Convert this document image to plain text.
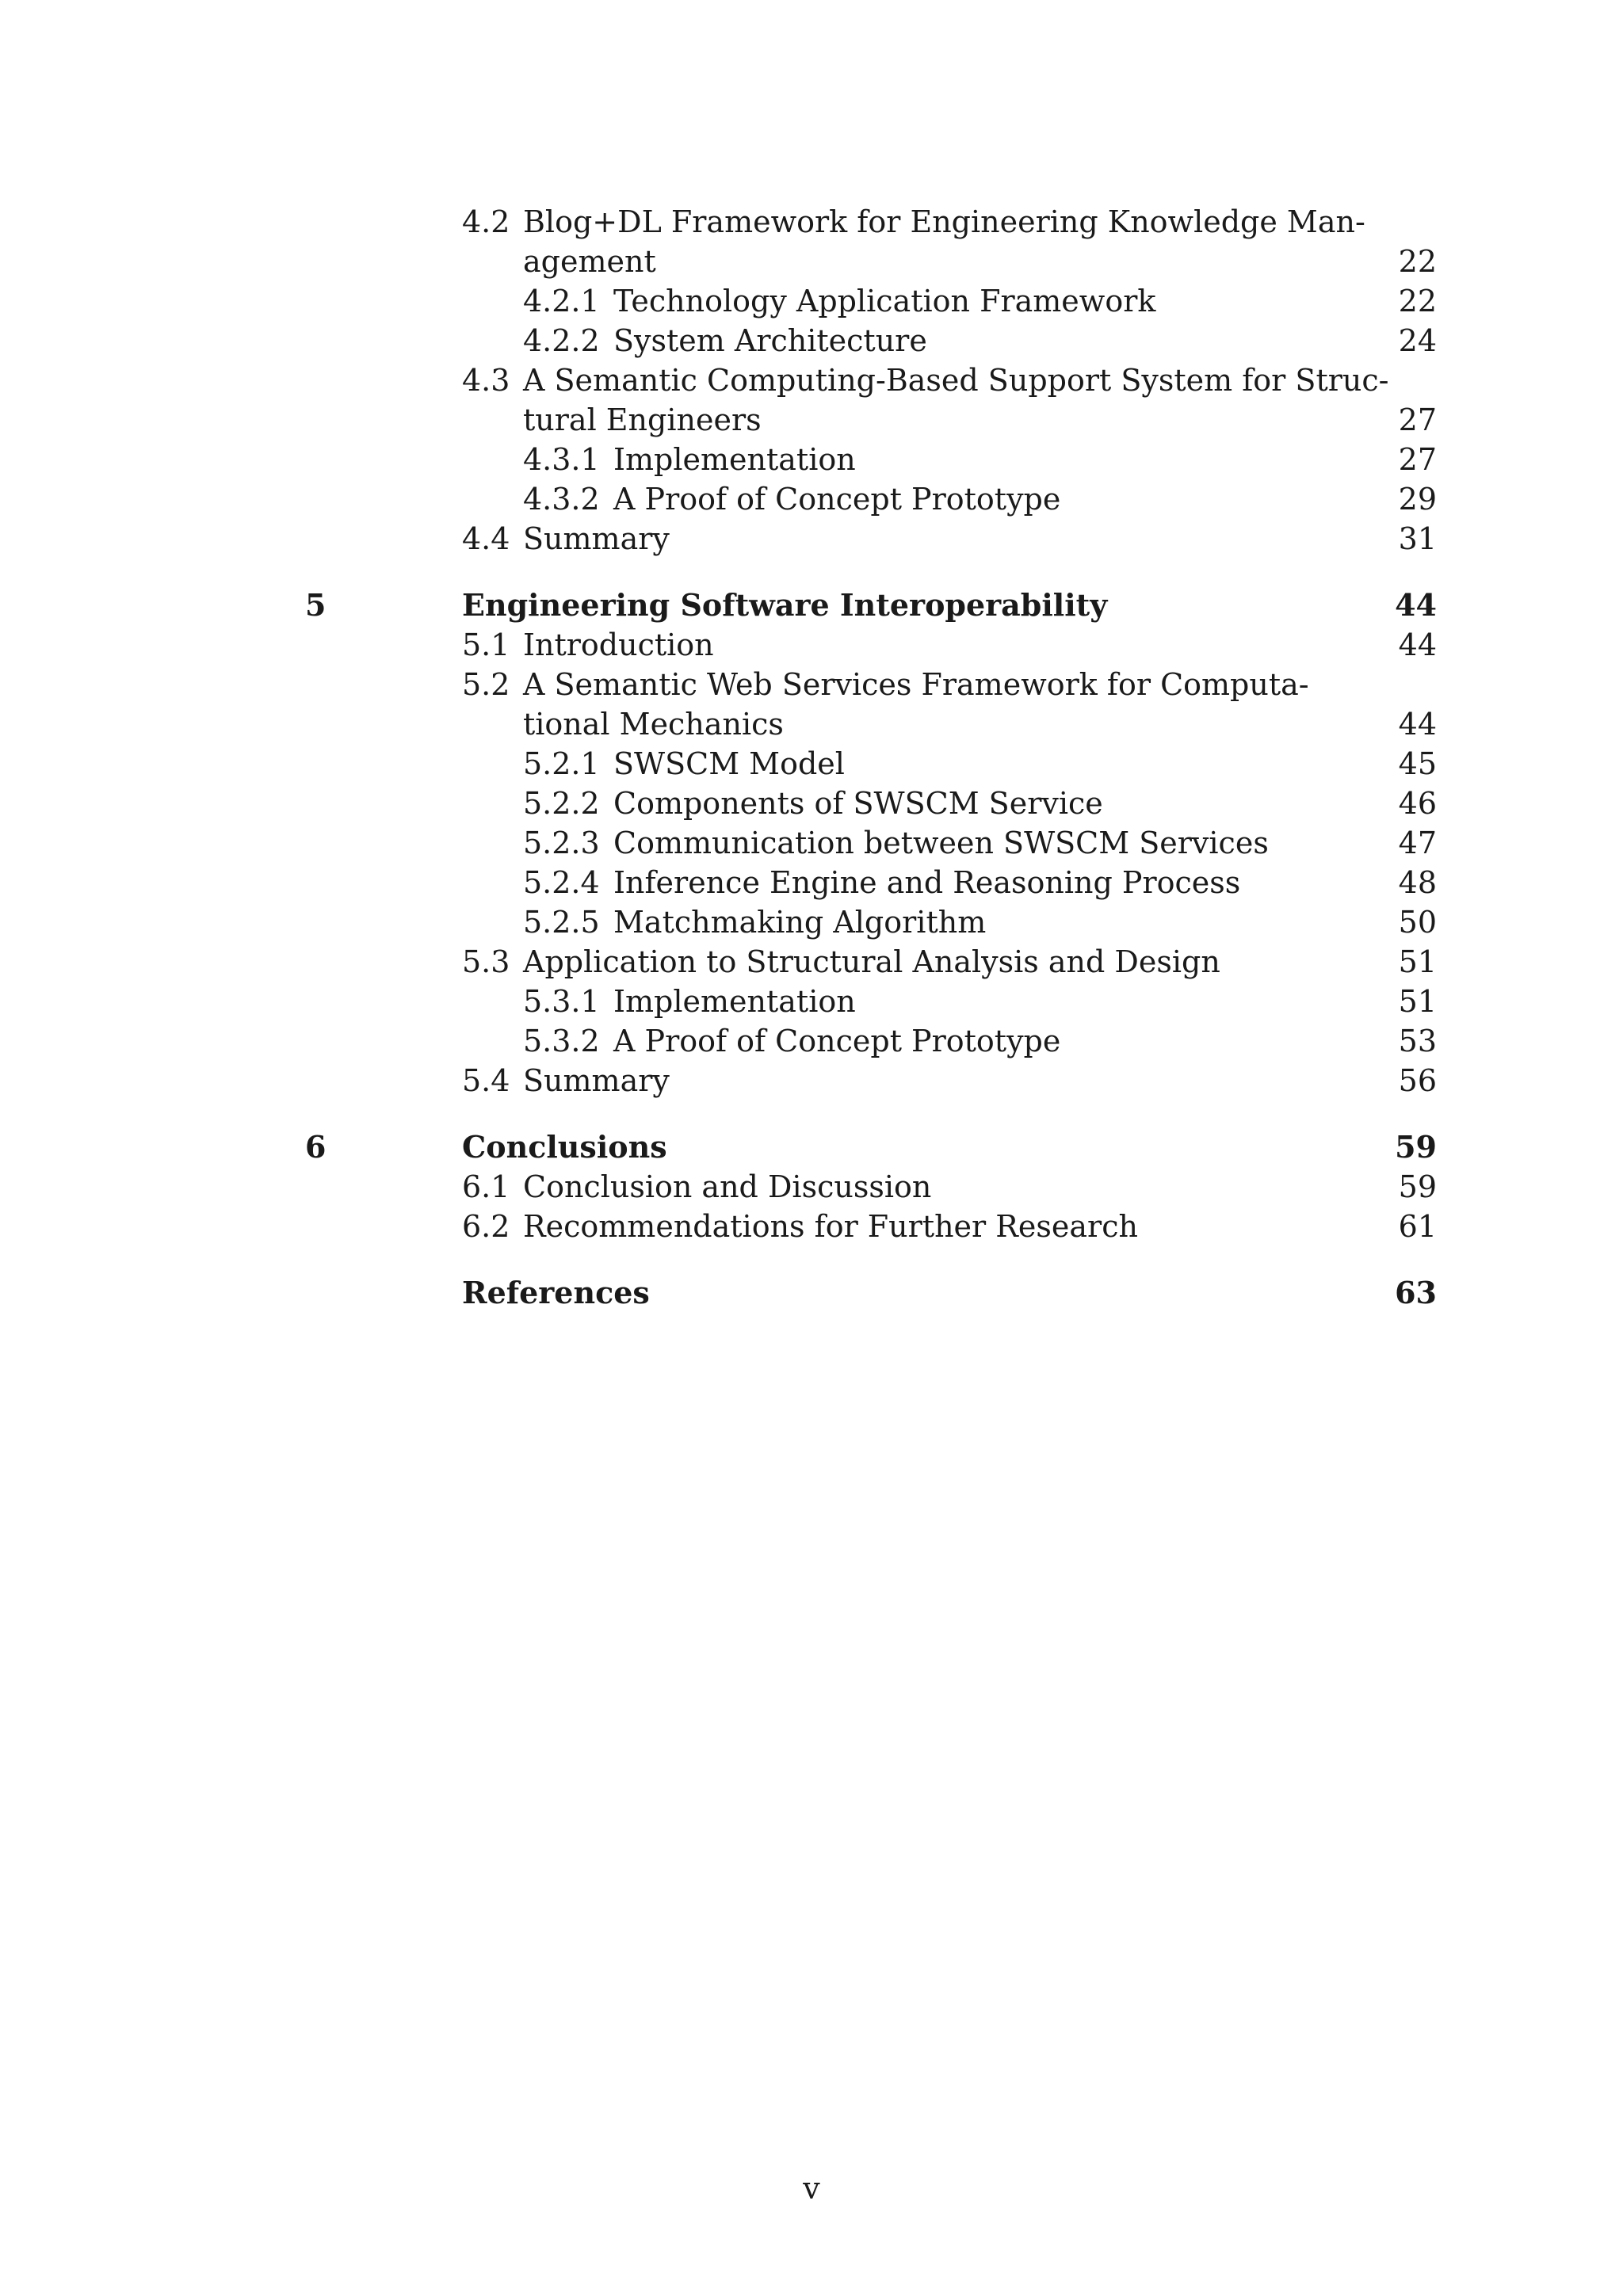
4.2 Blog+DL Framework for Engineering Knowledge Man-
agement	22
4.2.1 Technology Application Framework	22
4.2.2 System Architecture	24
4.3 A Semantic Computing-Based Support System for Struc-
tural Engineers	27
4.3.1 Implementation	27
4.3.2 A Proof of Concept Prototype	29
4.4 Summary	31
5	Engineering Software Interoperability	44
5.1 Introduction	44
5.2 A Semantic Web Services Framework for Computa-
tional Mechanics	44
5.2.1 SWSCM Model	45
5.2.2 Components of SWSCM Service	46
5.2.3 Communication between SWSCM Services	47
5.2.4 Inference Engine and Reasoning Process	48
5.2.5 Matchmaking Algorithm	50
5.3 Application to Structural Analysis and Design	51
5.3.1 Implementation	51
5.3.2 A Proof of Concept Prototype	53
5.4 Summary	56
6	Conclusions	59
6.1 Conclusion and Discussion	59
6.2 Recommendations for Further Research	61
References	63
v
